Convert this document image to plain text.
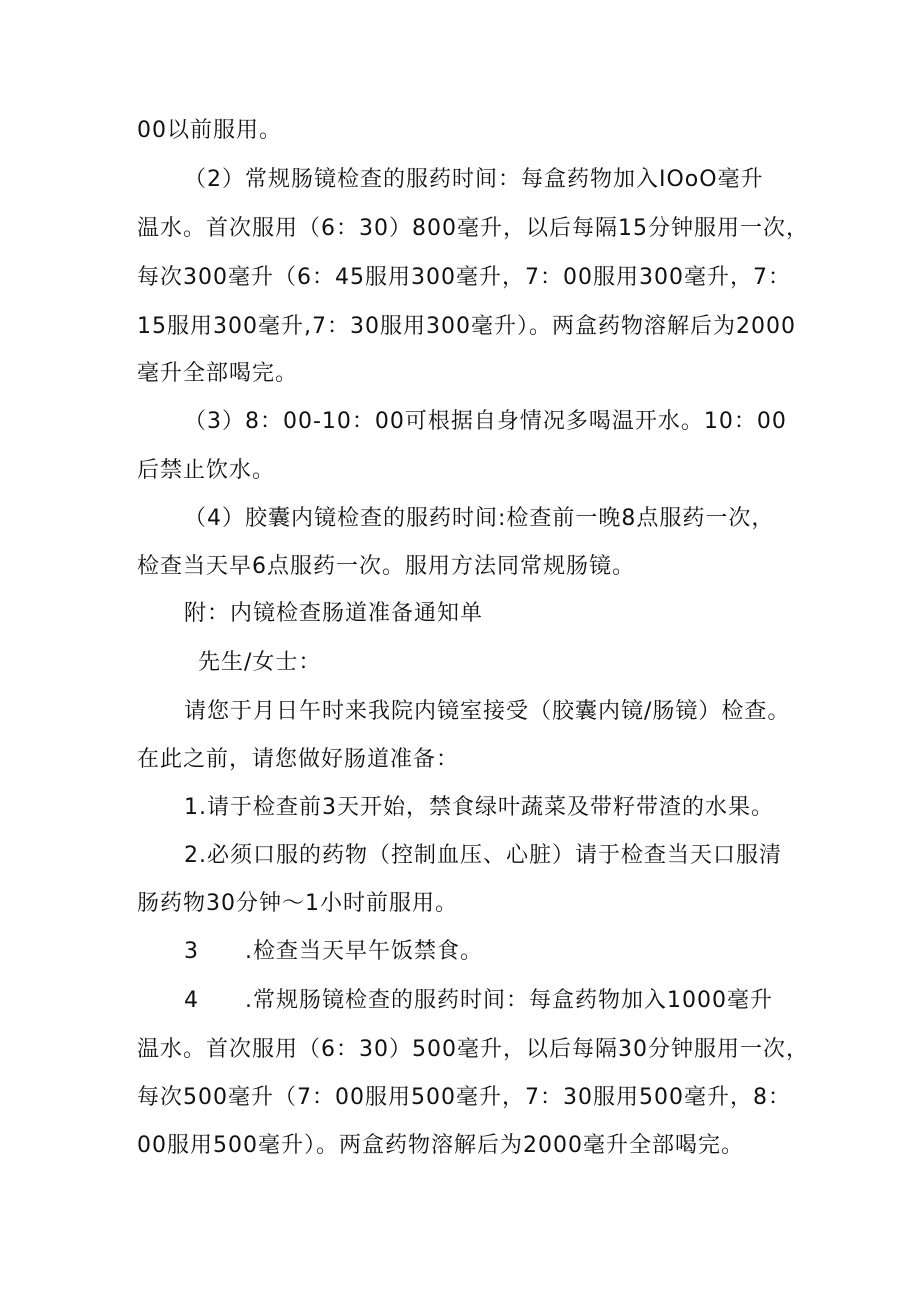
00以前服用。
（2）常规肠镜检查的服药时间：每盒药物加入IOoO毫升
温水。首次服用（6：30）800毫升，以后每隔15分钟服用一次，
每次300毫升（6：45服用300毫升，7：00服用300毫升，7：
15服用300毫升,7：30服用300毫升）。两盒药物溶解后为2000
毫升全部喝完。
（3）8：00-10：00可根据自身情况多喝温开水。10：00
后禁止饮水。
（4）胶囊内镜检查的服药时间:检查前一晚8点服药一次，
检查当天早6点服药一次。服用方法同常规肠镜。
附：内镜检查肠道准备通知单
先生/女士：
请您于月日午时来我院内镜室接受（胶囊内镜/肠镜）检查。
在此之前，请您做好肠道准备：
1.请于检查前3天开始，禁食绿叶蔬菜及带籽带渣的水果。
2.必须口服的药物（控制血压、心脏）请于检查当天口服清
肠药物30分钟～1小时前服用。
3　　.检查当天早午饭禁食。
4　　.常规肠镜检查的服药时间：每盒药物加入1000毫升
温水。首次服用（6：30）500毫升，以后每隔30分钟服用一次，
每次500毫升（7：00服用500毫升，7：30服用500毫升，8：
00服用500毫升）。两盒药物溶解后为2000毫升全部喝完。
